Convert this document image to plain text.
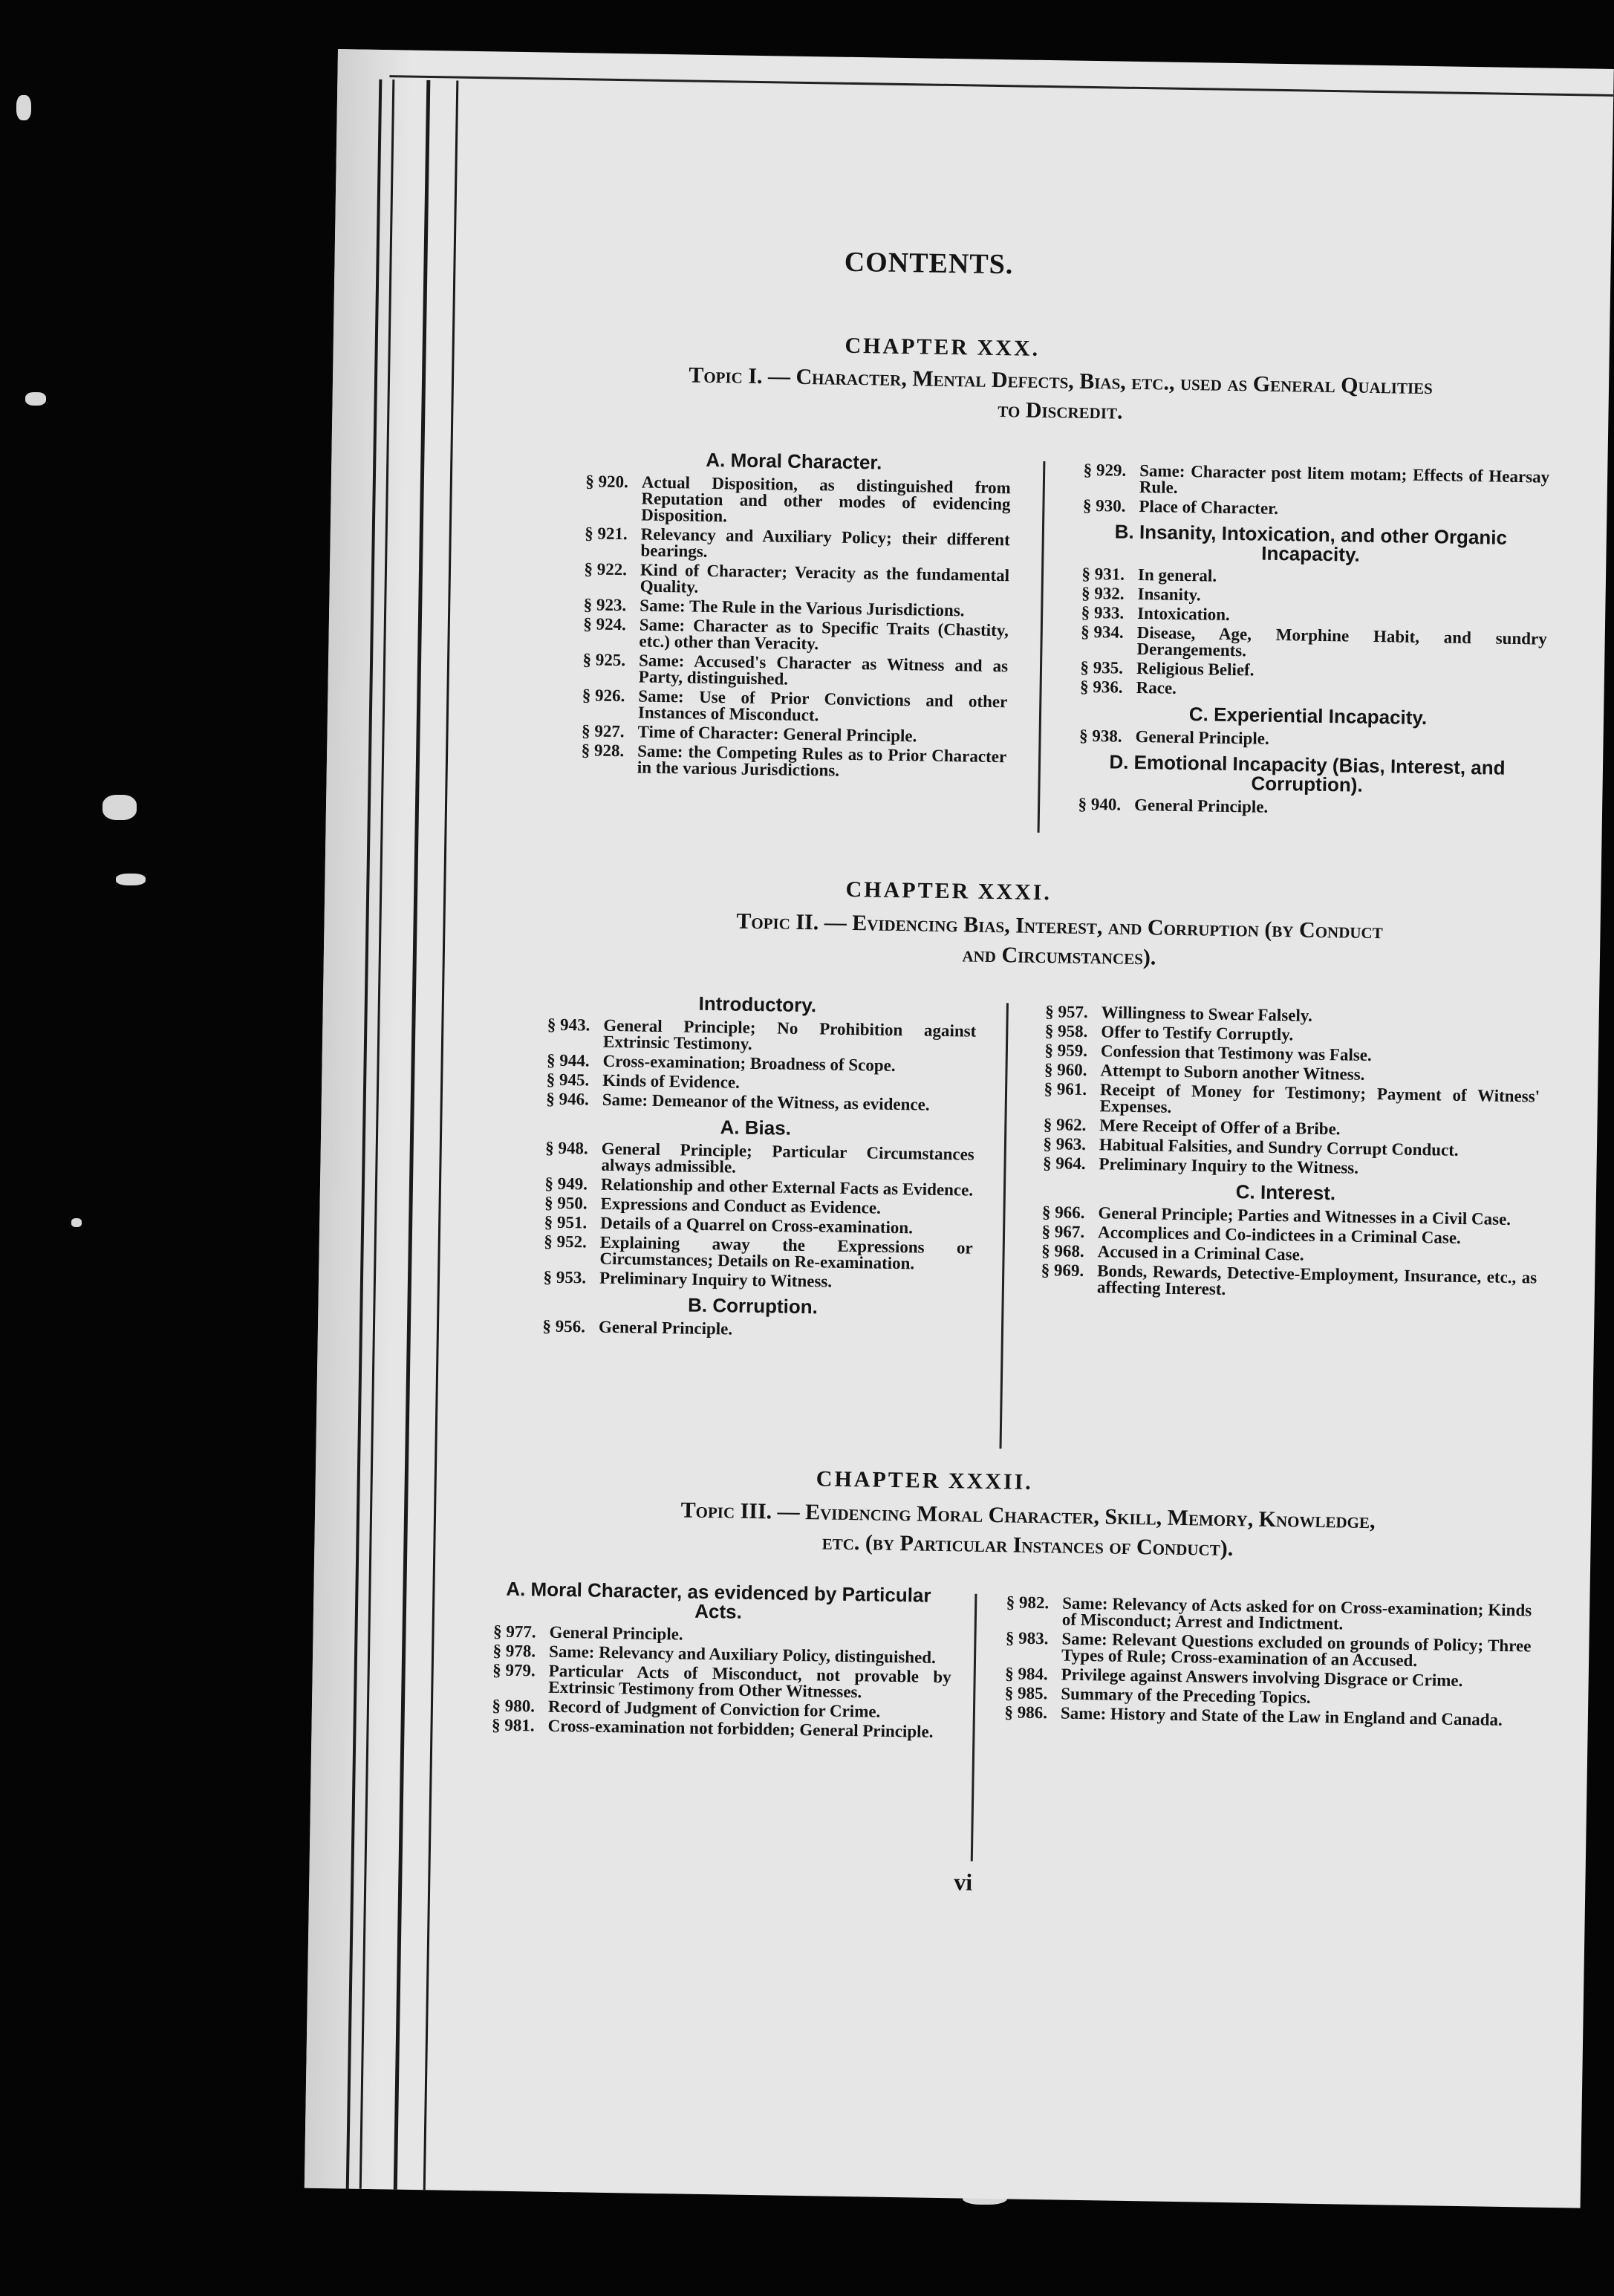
CONTENTS.
CHAPTER XXX.
Topic I. — Character, Mental Defects, Bias, etc., used as General Qualities
to Discredit.
A. Moral Character.
§ 920. Actual Disposition, as distinguished from Reputation and other modes of evidencing Disposition.
§ 921. Relevancy and Auxiliary Policy; their different bearings.
§ 922. Kind of Character; Veracity as the fundamental Quality.
§ 923. Same: The Rule in the Various Jurisdictions.
§ 924. Same: Character as to Specific Traits (Chastity, etc.) other than Veracity.
§ 925. Same: Accused's Character as Witness and as Party, distinguished.
§ 926. Same: Use of Prior Convictions and other Instances of Misconduct.
§ 927. Time of Character: General Principle.
§ 928. Same: the Competing Rules as to Prior Character in the various Jurisdictions.
§ 929. Same: Character post litem motam; Effects of Hearsay Rule.
§ 930. Place of Character.
B. Insanity, Intoxication, and other Organic Incapacity.
§ 931. In general.
§ 932. Insanity.
§ 933. Intoxication.
§ 934. Disease, Age, Morphine Habit, and sundry Derangements.
§ 935. Religious Belief.
§ 936. Race.
C. Experiential Incapacity.
§ 938. General Principle.
D. Emotional Incapacity (Bias, Interest, and Corruption).
§ 940. General Principle.
CHAPTER XXXI.
Topic II. — Evidencing Bias, Interest, and Corruption (by Conduct
and Circumstances).
Introductory.
§ 943. General Principle; No Prohibition against Extrinsic Testimony.
§ 944. Cross-examination; Broadness of Scope.
§ 945. Kinds of Evidence.
§ 946. Same: Demeanor of the Witness, as evidence.
A. Bias.
§ 948. General Principle; Particular Circumstances always admissible.
§ 949. Relationship and other External Facts as Evidence.
§ 950. Expressions and Conduct as Evidence.
§ 951. Details of a Quarrel on Cross-examination.
§ 952. Explaining away the Expressions or Circumstances; Details on Re-examination.
§ 953. Preliminary Inquiry to Witness.
B. Corruption.
§ 956. General Principle.
§ 957. Willingness to Swear Falsely.
§ 958. Offer to Testify Corruptly.
§ 959. Confession that Testimony was False.
§ 960. Attempt to Suborn another Witness.
§ 961. Receipt of Money for Testimony; Payment of Witness' Expenses.
§ 962. Mere Receipt of Offer of a Bribe.
§ 963. Habitual Falsities, and Sundry Corrupt Conduct.
§ 964. Preliminary Inquiry to the Witness.
C. Interest.
§ 966. General Principle; Parties and Witnesses in a Civil Case.
§ 967. Accomplices and Co-indictees in a Criminal Case.
§ 968. Accused in a Criminal Case.
§ 969. Bonds, Rewards, Detective-Employment, Insurance, etc., as affecting Interest.
CHAPTER XXXII.
Topic III. — Evidencing Moral Character, Skill, Memory, Knowledge,
etc. (by Particular Instances of Conduct).
A. Moral Character, as evidenced by Particular Acts.
§ 977. General Principle.
§ 978. Same: Relevancy and Auxiliary Policy, distinguished.
§ 979. Particular Acts of Misconduct, not provable by Extrinsic Testimony from Other Witnesses.
§ 980. Record of Judgment of Conviction for Crime.
§ 981. Cross-examination not forbidden; General Principle.
§ 982. Same: Relevancy of Acts asked for on Cross-examination; Kinds of Misconduct; Arrest and Indictment.
§ 983. Same: Relevant Questions excluded on grounds of Policy; Three Types of Rule; Cross-examination of an Accused.
§ 984. Privilege against Answers involving Disgrace or Crime.
§ 985. Summary of the Preceding Topics.
§ 986. Same: History and State of the Law in England and Canada.
vi
